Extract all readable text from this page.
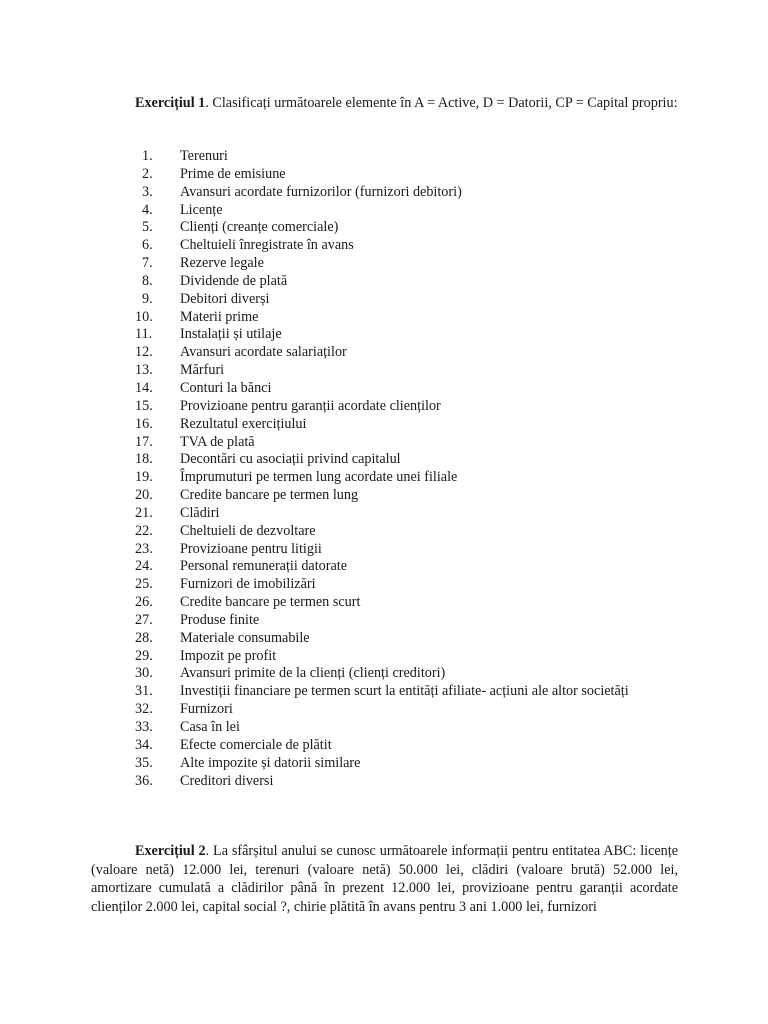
Exercițiul 1. Clasificați următoarele elemente în A = Active, D = Datorii, CP = Capital propriu:

1. Terenuri
2. Prime de emisiune
3. Avansuri acordate furnizorilor (furnizori debitori)
4. Licențe
5. Clienți (creanțe comerciale)
6. Cheltuieli înregistrate în avans
7. Rezerve legale
8. Dividende de plată
9. Debitori diverși
10. Materii prime
11. Instalații și utilaje
12. Avansuri acordate salariaților
13. Mărfuri
14. Conturi la bănci
15. Provizioane pentru garanții acordate clienților
16. Rezultatul exercițiului
17. TVA de plată
18. Decontări cu asociații privind capitalul
19. Împrumuturi pe termen lung acordate unei filiale
20. Credite bancare pe termen lung
21. Clădiri
22. Cheltuieli de dezvoltare
23. Provizioane pentru litigii
24. Personal remunerații datorate
25. Furnizori de imobilizări
26. Credite bancare pe termen scurt
27. Produse finite
28. Materiale consumabile
29. Impozit pe profit
30. Avansuri primite de la clienți (clienți creditori)
31. Investiții financiare pe termen scurt la entități afiliate- acțiuni ale altor societăți
32. Furnizori
33. Casa în lei
34. Efecte comerciale de plătit
35. Alte impozite și datorii similare
36. Creditori diversi

Exercițiul 2. La sfârșitul anului se cunosc următoarele informații pentru entitatea ABC: licențe (valoare netă) 12.000 lei, terenuri (valoare netă) 50.000 lei, clădiri (valoare brută) 52.000 lei, amortizare cumulată a clădirilor până în prezent 12.000 lei, provizioane pentru garanții acordate clienților 2.000 lei, capital social ?, chirie plătită în avans pentru 3 ani 1.000 lei, furnizori
